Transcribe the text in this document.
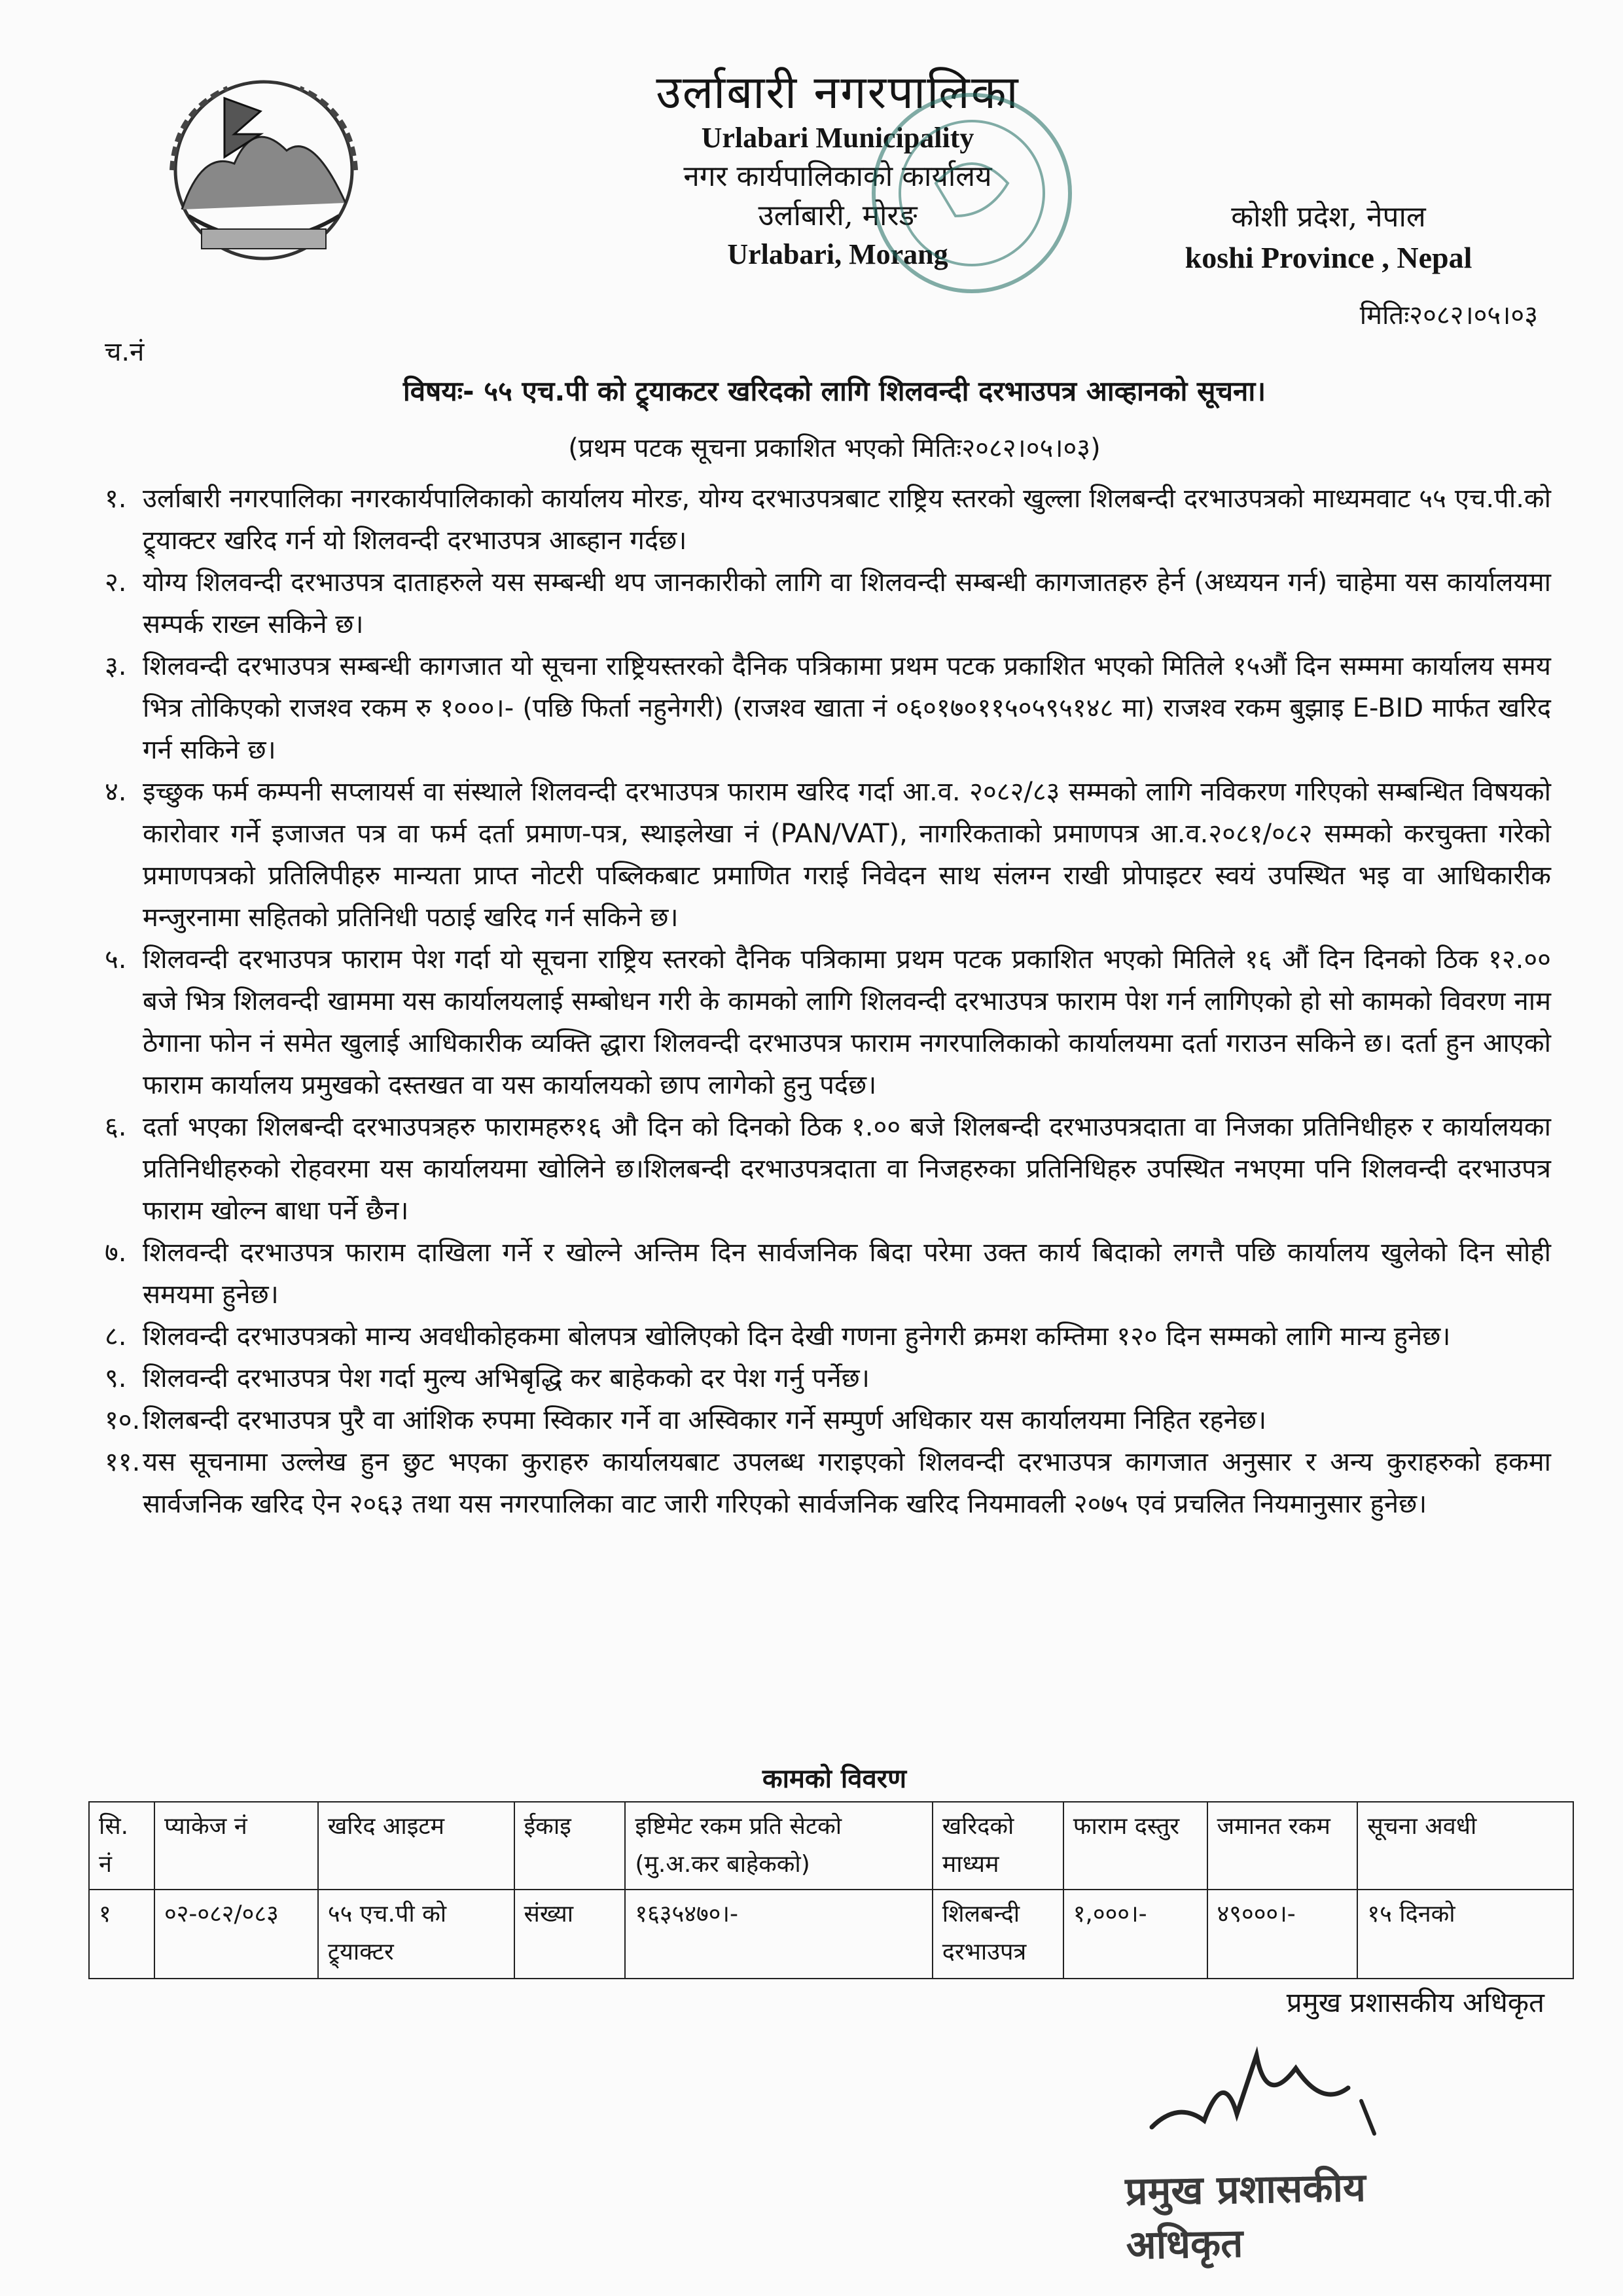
उर्लाबारी नगरपालिका
Urlabari Municipality
नगर कार्यपालिकाको कार्यालय
उर्लाबारी, मोरङ
Urlabari, Morang
कोशी प्रदेश, नेपाल
koshi Province , Nepal
मितिः२०८२।०५।०३
च.नं
विषयः- ५५ एच.पी को ट्र्याकटर खरिदको लागि शिलवन्दी दरभाउपत्र आव्हानको सूचना।
(प्रथम पटक सूचना प्रकाशित भएको मितिः२०८२।०५।०३)
१. उर्लाबारी नगरपालिका नगरकार्यपालिकाको कार्यालय मोरङ, योग्य दरभाउपत्रबाट राष्ट्रिय स्तरको खुल्ला शिलबन्दी दरभाउपत्रको माध्यमवाट ५५ एच.पी.को ट्र्याक्टर खरिद गर्न यो शिलवन्दी दरभाउपत्र आब्हान गर्दछ।
२. योग्य शिलवन्दी दरभाउपत्र दाताहरुले यस सम्बन्धी थप जानकारीको लागि वा शिलवन्दी सम्बन्धी कागजातहरु हेर्न (अध्ययन गर्न) चाहेमा यस कार्यालयमा सम्पर्क राख्न सकिने छ।
३. शिलवन्दी दरभाउपत्र सम्बन्धी कागजात यो सूचना राष्ट्रियस्तरको दैनिक पत्रिकामा प्रथम पटक प्रकाशित भएको मितिले १५औं दिन सम्ममा कार्यालय समय भित्र तोकिएको राजश्व रकम रु १०००।- (पछि फिर्ता नहुनेगरी) (राजश्व खाता नं ०६०१७०११५०५९५१४८ मा) राजश्व रकम बुझाइ E-BID मार्फत खरिद गर्न सकिने छ।
४. इच्छुक फर्म कम्पनी सप्लायर्स वा संस्थाले शिलवन्दी दरभाउपत्र फाराम खरिद गर्दा आ.व. २०८२/८३ सम्मको लागि नविकरण गरिएको सम्बन्धित विषयको कारोवार गर्ने इजाजत पत्र वा फर्म दर्ता प्रमाण-पत्र, स्थाइलेखा नं (PAN/VAT), नागरिकताको प्रमाणपत्र आ.व.२०८१/०८२ सम्मको करचुक्ता गरेको प्रमाणपत्रको प्रतिलिपीहरु मान्यता प्राप्त नोटरी पब्लिकबाट प्रमाणित गराई निवेदन साथ संलग्न राखी प्रोपाइटर स्वयं उपस्थित भइ वा आधिकारीक मन्जुरनामा सहितको प्रतिनिधी पठाई खरिद गर्न सकिने छ।
५. शिलवन्दी दरभाउपत्र फाराम पेश गर्दा यो सूचना राष्ट्रिय स्तरको दैनिक पत्रिकामा प्रथम पटक प्रकाशित भएको मितिले १६ औं दिन दिनको ठिक १२.०० बजे भित्र शिलवन्दी खाममा यस कार्यालयलाई सम्बोधन गरी के कामको लागि शिलवन्दी दरभाउपत्र फाराम पेश गर्न लागिएको हो सो कामको विवरण नाम ठेगाना फोन नं समेत खुलाई आधिकारीक व्यक्ति द्धारा शिलवन्दी दरभाउपत्र फाराम नगरपालिकाको कार्यालयमा दर्ता गराउन सकिने छ। दर्ता हुन आएको फाराम कार्यालय प्रमुखको दस्तखत वा यस कार्यालयको छाप लागेको हुनु पर्दछ।
६. दर्ता भएका शिलबन्दी दरभाउपत्रहरु फारामहरु१६ औ दिन को दिनको ठिक १.०० बजे शिलबन्दी दरभाउपत्रदाता वा निजका प्रतिनिधीहरु र कार्यालयका प्रतिनिधीहरुको रोहवरमा यस कार्यालयमा खोलिने छ।शिलबन्दी दरभाउपत्रदाता वा निजहरुका प्रतिनिधिहरु उपस्थित नभएमा पनि शिलवन्दी दरभाउपत्र फाराम खोल्न बाधा पर्ने छैन।
७. शिलवन्दी दरभाउपत्र फाराम दाखिला गर्ने र खोल्ने अन्तिम दिन सार्वजनिक बिदा परेमा उक्त कार्य बिदाको लगत्तै पछि कार्यालय खुलेको दिन सोही समयमा हुनेछ।
८. शिलवन्दी दरभाउपत्रको मान्य अवधीकोहकमा बोलपत्र खोलिएको दिन देखी गणना हुनेगरी क्रमश कम्तिमा १२० दिन सम्मको लागि मान्य हुनेछ।
९. शिलवन्दी दरभाउपत्र पेश गर्दा मुल्य अभिबृद्धि कर बाहेकको दर पेश गर्नु पर्नेछ।
१०. शिलबन्दी दरभाउपत्र पुरै वा आंशिक रुपमा स्विकार गर्ने वा अस्विकार गर्ने सम्पुर्ण अधिकार यस कार्यालयमा निहित रहनेछ।
११. यस सूचनामा उल्लेख हुन छुट भएका कुराहरु कार्यालयबाट उपलब्ध गराइएको शिलवन्दी दरभाउपत्र कागजात अनुसार र अन्य कुराहरुको हकमा सार्वजनिक खरिद ऐन २०६३ तथा यस नगरपालिका वाट जारी गरिएको सार्वजनिक खरिद नियमावली २०७५ एवं प्रचलित नियमानुसार हुनेछ।
कामको विवरण
सि. नं	प्याकेज नं	खरिद आइटम	ईकाइ	इष्टिमेट रकम प्रति सेटको (मु.अ.कर बाहेकको)	खरिदको माध्यम	फाराम दस्तुर	जमानत रकम	सूचना अवधी
१	०२-०८२/०८३	५५ एच.पी को ट्र्याक्टर	संख्या	१६३५४७०।-	शिलबन्दी दरभाउपत्र	१,०००।-	४९०००।-	१५ दिनको
प्रमुख प्रशासकीय अधिकृत
प्रमुख प्रशासकीय अधिकृत
